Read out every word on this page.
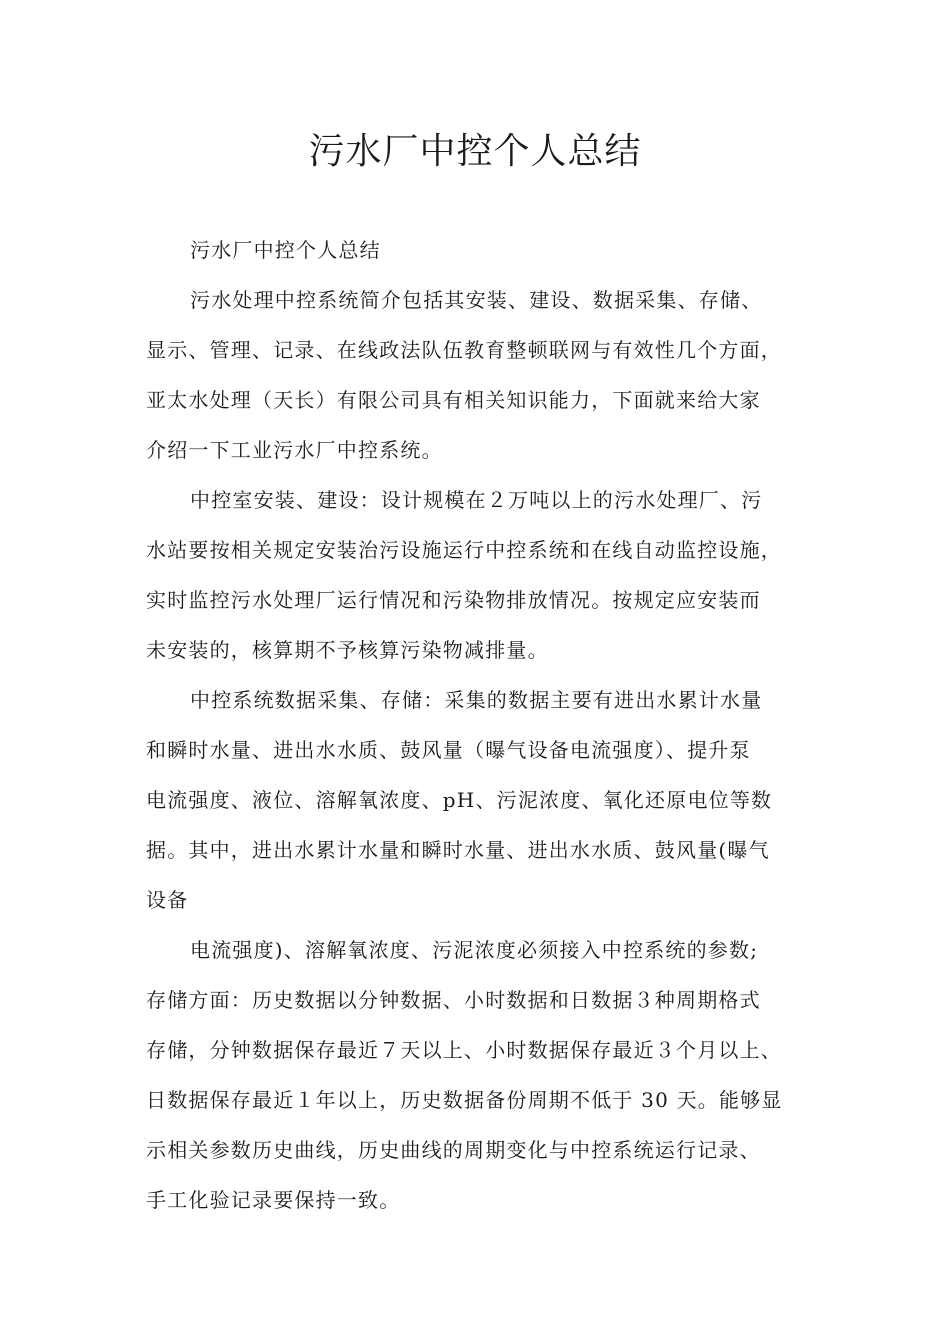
污水厂中控个人总结

污水厂中控个人总结

污水处理中控系统简介包括其安装、建设、数据采集、存储、

显示、管理、记录、在线政法队伍教育整顿联网与有效性几个方面，

亚太水处理（天长）有限公司具有相关知识能力，下面就来给大家

介绍一下工业污水厂中控系统。

中控室安装、建设：设计规模在２万吨以上的污水处理厂、污

水站要按相关规定安装治污设施运行中控系统和在线自动监控设施，

实时监控污水处理厂运行情况和污染物排放情况。按规定应安装而

未安装的，核算期不予核算污染物减排量。

中控系统数据采集、存储：采集的数据主要有进出水累计水量

和瞬时水量、进出水水质、鼓风量（曝气设备电流强度）、提升泵

电流强度、液位、溶解氧浓度、pH、污泥浓度、氧化还原电位等数

据。其中，进出水累计水量和瞬时水量、进出水水质、鼓风量(曝气

设备

电流强度)、溶解氧浓度、污泥浓度必须接入中控系统的参数;

存储方面：历史数据以分钟数据、小时数据和日数据３种周期格式

存储，分钟数据保存最近７天以上、小时数据保存最近３个月以上、

日数据保存最近１年以上，历史数据备份周期不低于 30 天。能够显

示相关参数历史曲线，历史曲线的周期变化与中控系统运行记录、

手工化验记录要保持一致。
